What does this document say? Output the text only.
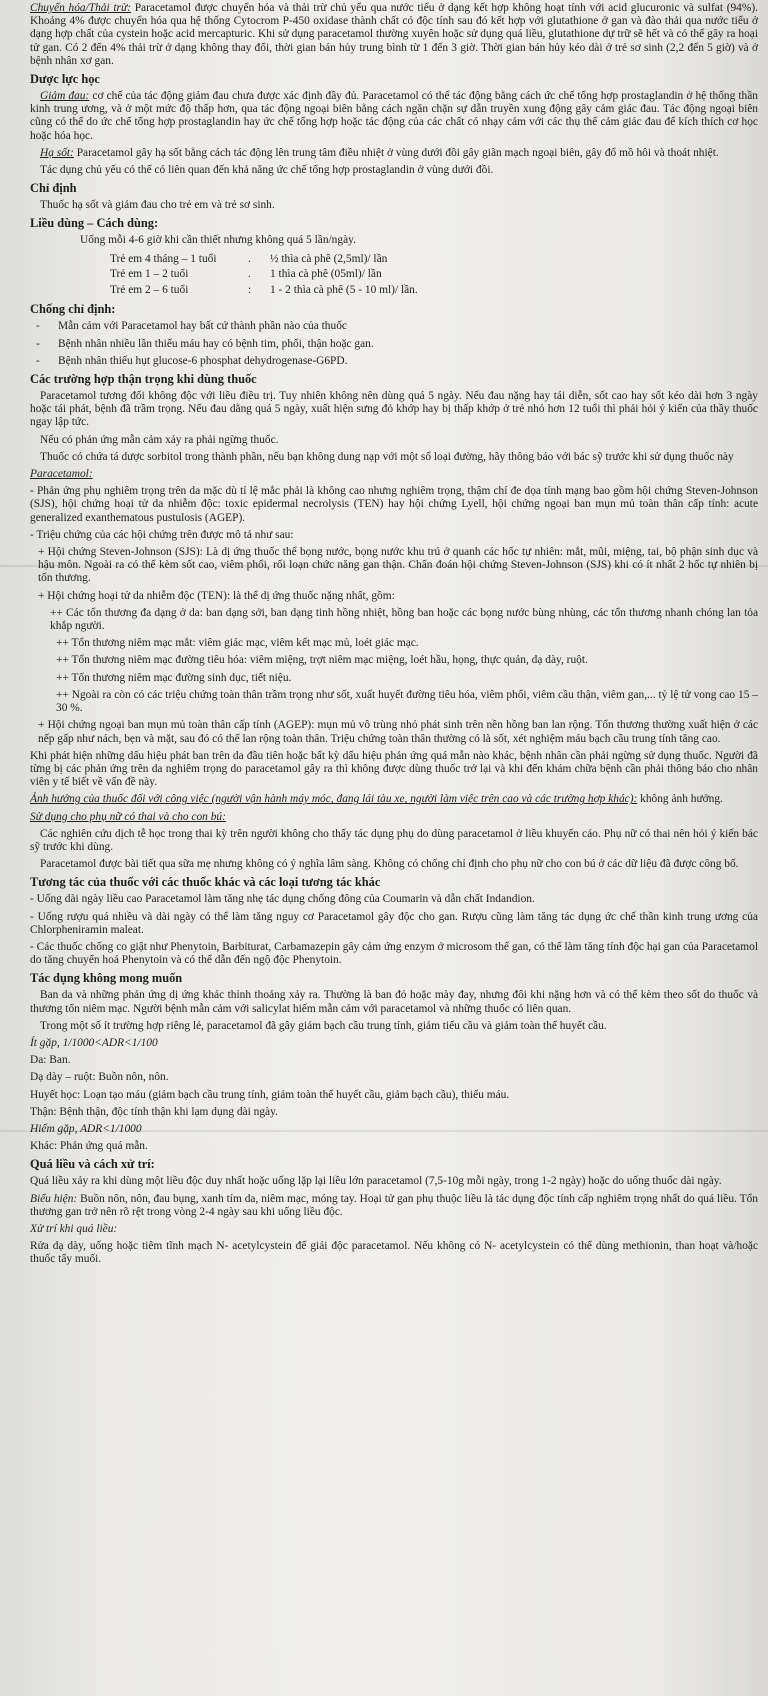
Chuyển hóa/Thải trừ: Paracetamol được chuyển hóa và thải trừ chủ yếu qua nước tiểu ở dạng kết hợp không hoạt tính với acid glucuronic và sulfat (94%). Khoảng 4% được chuyển hóa qua hệ thống Cytocrom P-450 oxidase thành chất có độc tính sau đó kết hợp với glutathione ở gan và đào thải qua nước tiểu ở dạng hợp chất của cystein hoặc acid mercapturic. Khi sử dụng paracetamol thường xuyên hoặc sử dụng quá liều, glutathione dự trữ sẽ hết và có thể gây ra hoại tử gan. Có 2 đến 4% thải trừ ở dạng không thay đổi, thời gian bán hủy trung bình từ 1 đến 3 giờ. Thời gian bán hủy kéo dài ở trẻ sơ sinh (2,2 đến 5 giờ) và ở bệnh nhân xơ gan.

Dược lực học

Giảm đau: cơ chế của tác động giảm đau chưa được xác định đầy đủ. Paracetamol có thể tác động bằng cách ức chế tổng hợp prostaglandin ở hệ thống thần kinh trung ương, và ở một mức độ thấp hơn, qua tác động ngoại biên bằng cách ngăn chặn sự dẫn truyền xung động gây cảm giác đau. Tác động ngoại biên cũng có thể do ức chế tổng hợp prostaglandin hay ức chế tổng hợp hoặc tác động của các chất có nhạy cảm với các thụ thể cảm giác đau để kích thích cơ học hoặc hóa học.

Hạ sốt: Paracetamol gây hạ sốt bằng cách tác động lên trung tâm điều nhiệt ở vùng dưới đồi gây giãn mạch ngoại biên, gây đổ mồ hôi và thoát nhiệt.

Tác dụng chủ yếu có thể có liên quan đến khả năng ức chế tổng hợp prostaglandin ở vùng dưới đồi.

Chỉ định

Thuốc hạ sốt và giảm đau cho trẻ em và trẻ sơ sinh.

Liều dùng – Cách dùng:

Uống mỗi 4-6 giờ khi cần thiết nhưng không quá 5 lần/ngày.

Trẻ em 4 tháng – 1 tuổi	.	½ thìa cà phê (2,5ml)/ lần
Trẻ em 1 – 2 tuổi	.	1 thìa cà phê (05ml)/ lần
Trẻ em 2 – 6 tuổi	:	1 - 2 thìa cà phê (5 - 10 ml)/ lần.
Chống chỉ định:
-	Mẫn cảm với Paracetamol hay bất cứ thành phần nào của thuốc
-	Bệnh nhân nhiều lần thiếu máu hay có bệnh tim, phổi, thận hoặc gan.
-	Bệnh nhân thiếu hụt glucose-6 phosphat dehydrogenase-G6PD.
Các trường hợp thận trọng khi dùng thuốc

Paracetamol tương đối không độc với liều điều trị. Tuy nhiên không nên dùng quá 5 ngày. Nếu đau nặng hay tái diễn, sốt cao hay sốt kéo dài hơn 3 ngày hoặc tái phát, bệnh đã trầm trọng. Nếu đau dằng quá 5 ngày, xuất hiện sưng đỏ khớp hay bị thấp khớp ở trẻ nhỏ hơn 12 tuổi thì phải hỏi ý kiến của thầy thuốc ngay lập tức.

Nếu có phản ứng mẫn cảm xảy ra phải ngừng thuốc.

Thuốc có chứa tá dược sorbitol trong thành phần, nếu bạn không dung nạp với một số loại đường, hãy thông báo với bác sỹ trước khi sử dụng thuốc này

Paracetamol:

- Phản ứng phụ nghiêm trọng trên da mặc dù tỉ lệ mắc phải là không cao nhưng nghiêm trọng, thậm chí đe dọa tính mạng bao gồm hội chứng Steven-Johnson (SJS), hội chứng hoại tử da nhiễm độc: toxic epidermal necrolysis (TEN) hay hội chứng Lyell, hội chứng ngoại ban mụn mủ toàn thân cấp tính: acute generalized exanthematous pustulosis (AGEP).

- Triệu chứng của các hội chứng trên được mô tả như sau:

+ Hội chứng Steven-Johnson (SJS): Là dị ứng thuốc thể bọng nước, bọng nước khu trú ở quanh các hốc tự nhiên: mắt, mũi, miệng, tai, bộ phận sinh dục và hậu môn. Ngoài ra có thể kèm sốt cao, viêm phổi, rối loạn chức năng gan thận. Chẩn đoán hội chứng Steven-Johnson (SJS) khi có ít nhất 2 hốc tự nhiên bị tổn thương.

+ Hội chứng hoại tử da nhiễm độc (TEN): là thể dị ứng thuốc nặng nhất, gồm:

++ Các tổn thương đa dạng ở da: ban dạng sởi, ban dạng tinh hồng nhiệt, hồng ban hoặc các bọng nước bùng nhùng, các tổn thương nhanh chóng lan tỏa khắp người.

++ Tổn thương niêm mạc mắt: viêm giác mạc, viêm kết mạc mủ, loét giác mạc.

++ Tổn thương niêm mạc đường tiêu hóa: viêm miệng, trợt niêm mạc miệng, loét hầu, họng, thực quản, dạ dày, ruột.

++ Tổn thương niêm mạc đường sinh dục, tiết niệu.

++ Ngoài ra còn có các triệu chứng toàn thân trầm trọng như sốt, xuất huyết đường tiêu hóa, viêm phổi, viêm cầu thận, viêm gan,... tỷ lệ tử vong cao 15 – 30 %.

+ Hội chứng ngoại ban mụn mủ toàn thân cấp tính (AGEP): mụn mủ vô trùng nhỏ phát sinh trên nền hồng ban lan rộng. Tổn thương thường xuất hiện ở các nếp gấp như nách, bẹn và mặt, sau đó có thể lan rộng toàn thân. Triệu chứng toàn thân thường có là sốt, xét nghiệm máu bạch cầu trung tính tăng cao.

Khi phát hiện những dấu hiệu phát ban trên da đầu tiên hoặc bất kỳ dấu hiệu phản ứng quá mẫn nào khác, bệnh nhân cần phải ngừng sử dụng thuốc. Người đã từng bị các phản ứng trên da nghiêm trọng do paracetamol gây ra thì không được dùng thuốc trở lại và khi đến khám chữa bệnh cần phải thông báo cho nhân viên y tế biết về vấn đề này.

Ảnh hưởng của thuốc đối với công việc (người vận hành máy móc, đang lái tàu xe, người làm việc trên cao và các trường hợp khác): không ảnh hưởng.

Sử dụng cho phụ nữ có thai và cho con bú:

Các nghiên cứu dịch tễ học trong thai kỳ trên người không cho thấy tác dụng phụ do dùng paracetamol ở liều khuyến cáo. Phụ nữ có thai nên hỏi ý kiến bác sỹ trước khi dùng.

Paracetamol được bài tiết qua sữa mẹ nhưng không có ý nghĩa lâm sàng. Không có chống chỉ định cho phụ nữ cho con bú ở các dữ liệu đã được công bố.

Tương tác của thuốc với các thuốc khác và các loại tương tác khác

- Uống dài ngày liều cao Paracetamol làm tăng nhẹ tác dụng chống đông của Coumarin và dẫn chất Indandion.

- Uống rượu quá nhiều và dài ngày có thể làm tăng nguy cơ Paracetamol gây độc cho gan. Rượu cũng làm tăng tác dụng ức chế thần kinh trung ương của Chlorpheniramin maleat.

- Các thuốc chống co giật như Phenytoin, Barbiturat, Carbamazepin gây cảm ứng enzym ở microsom thể gan, có thể làm tăng tính độc hại gan của Paracetamol do tăng chuyển hoá Phenytoin và có thể dẫn đến ngộ độc Phenytoin.

Tác dụng không mong muốn

Ban da và những phản ứng dị ứng khác thỉnh thoảng xảy ra. Thường là ban đỏ hoặc mày đay, nhưng đôi khi nặng hơn và có thể kèm theo sốt do thuốc và thương tổn niêm mạc. Người bệnh mẫn cảm với salicylat hiếm mẫn cảm với paracetamol và những thuốc có liên quan.

Trong một số ít trường hợp riêng lẻ, paracetamol đã gây giảm bạch cầu trung tính, giảm tiểu cầu và giảm toàn thể huyết cầu.

Ít gặp, 1/1000<ADR<1/100

Da: Ban.

Dạ dày – ruột: Buồn nôn, nôn.

Huyết học: Loạn tạo máu (giảm bạch cầu trung tính, giảm toàn thể huyết cầu, giảm bạch cầu), thiếu máu.

Thận: Bệnh thận, độc tính thận khi lạm dụng dài ngày.

Hiếm gặp, ADR<1/1000

Khác: Phản ứng quá mẫn.

Quá liều và cách xử trí:

Quá liều xảy ra khi dùng một liều độc duy nhất hoặc uống lặp lại liều lớn paracetamol (7,5-10g mỗi ngày, trong 1-2 ngày) hoặc do uống thuốc dài ngày.

Biểu hiện: Buồn nôn, nôn, đau bụng, xanh tím da, niêm mạc, móng tay. Hoại tử gan phụ thuộc liều là tác dụng độc tính cấp nghiêm trọng nhất do quá liều. Tổn thương gan trở nên rõ rệt trong vòng 2-4 ngày sau khi uống liều độc.

Xử trí khi quá liều:

Rửa dạ dày, uống hoặc tiêm tĩnh mạch N- acetylcystein để giải độc paracetamol. Nếu không có N- acetylcystein có thể dùng methionin, than hoạt và/hoặc thuốc tẩy muối.
